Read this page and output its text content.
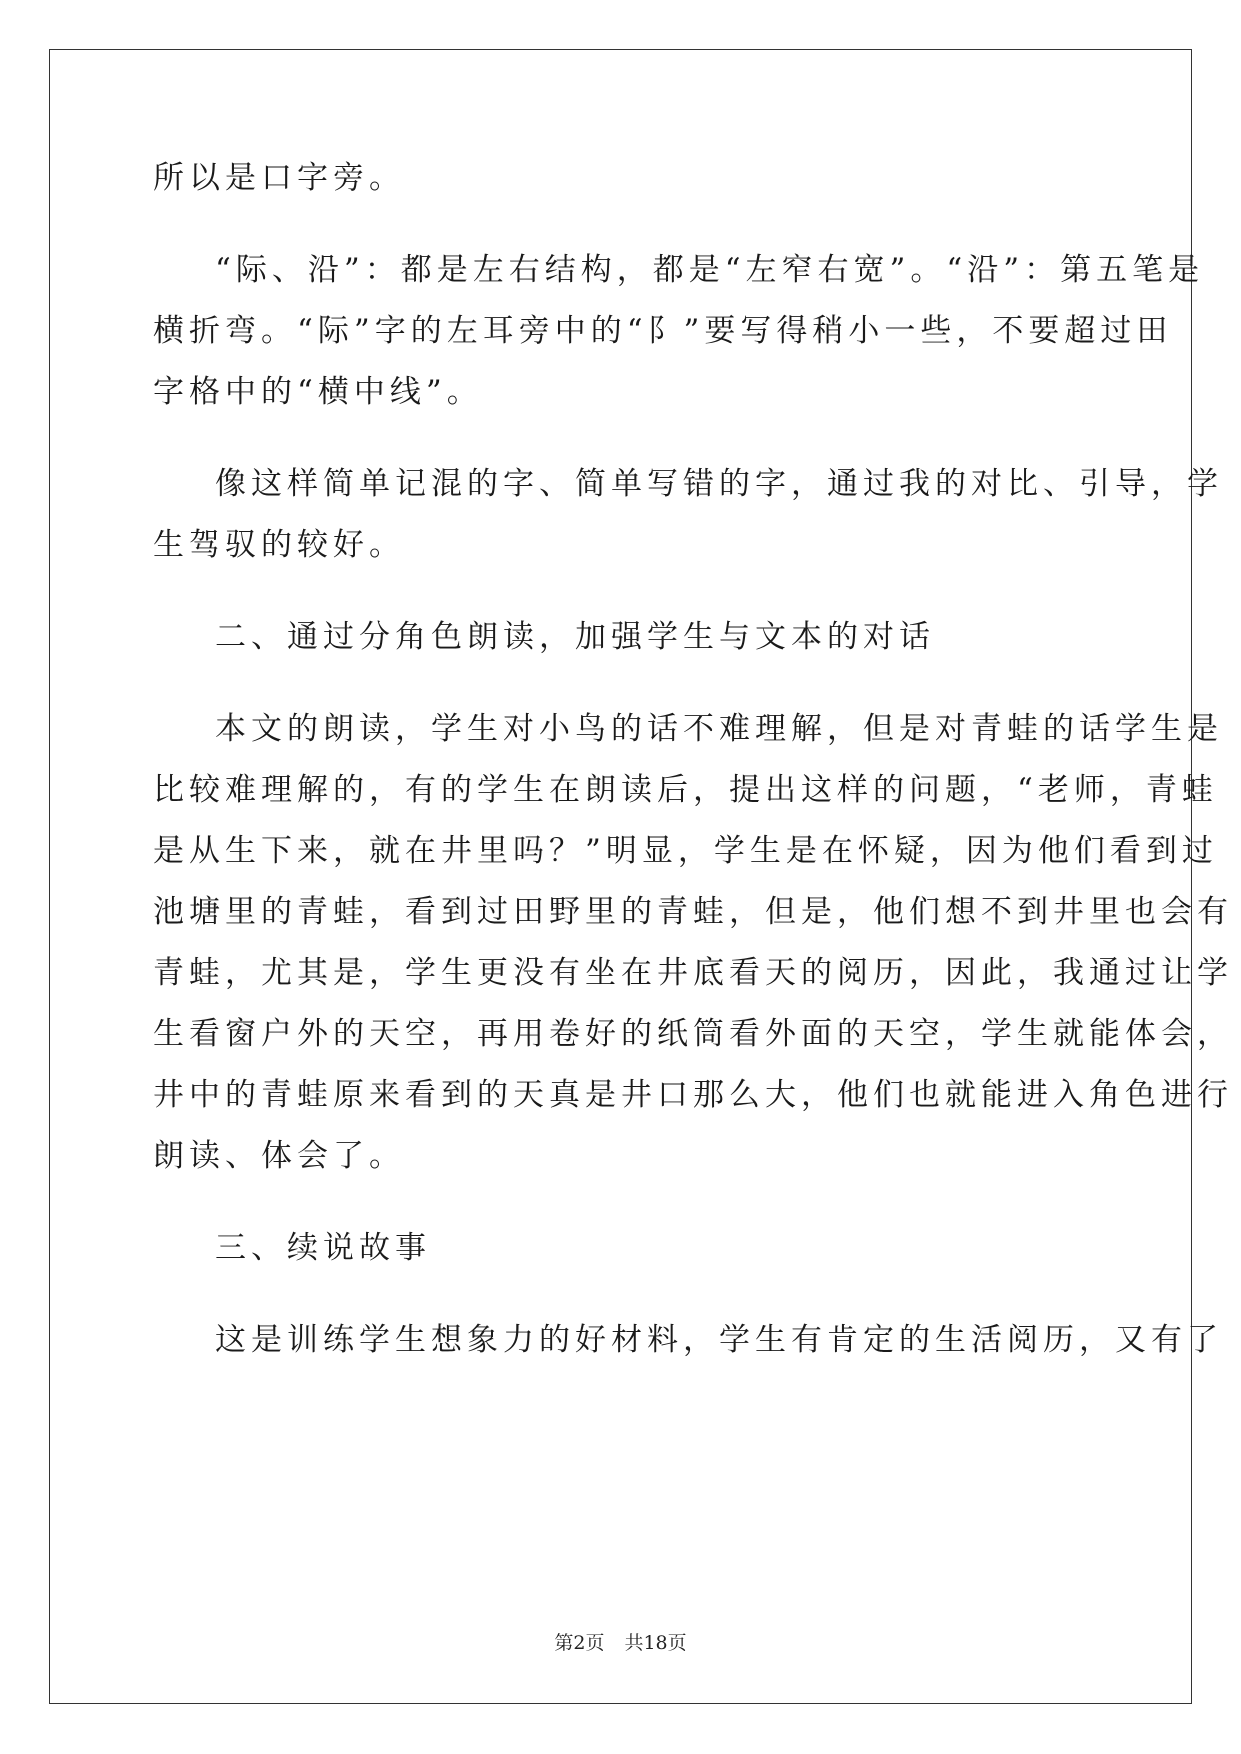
所以是口字旁。
“际、沿”：都是左右结构，都是“左窄右宽”。“沿”：第五笔是
横折弯。“际”字的左耳旁中的“阝”要写得稍小一些，不要超过田
字格中的“横中线”。
像这样简单记混的字、简单写错的字，通过我的对比、引导，学
生驾驭的较好。
二、通过分角色朗读，加强学生与文本的对话
本文的朗读，学生对小鸟的话不难理解，但是对青蛙的话学生是
比较难理解的，有的学生在朗读后，提出这样的问题，“老师，青蛙
是从生下来，就在井里吗？”明显，学生是在怀疑，因为他们看到过
池塘里的青蛙，看到过田野里的青蛙，但是，他们想不到井里也会有
青蛙，尤其是，学生更没有坐在井底看天的阅历，因此，我通过让学
生看窗户外的天空，再用卷好的纸筒看外面的天空，学生就能体会，
井中的青蛙原来看到的天真是井口那么大，他们也就能进入角色进行
朗读、体会了。
三、续说故事
这是训练学生想象力的好材料，学生有肯定的生活阅历，又有了
第2页 共18页
